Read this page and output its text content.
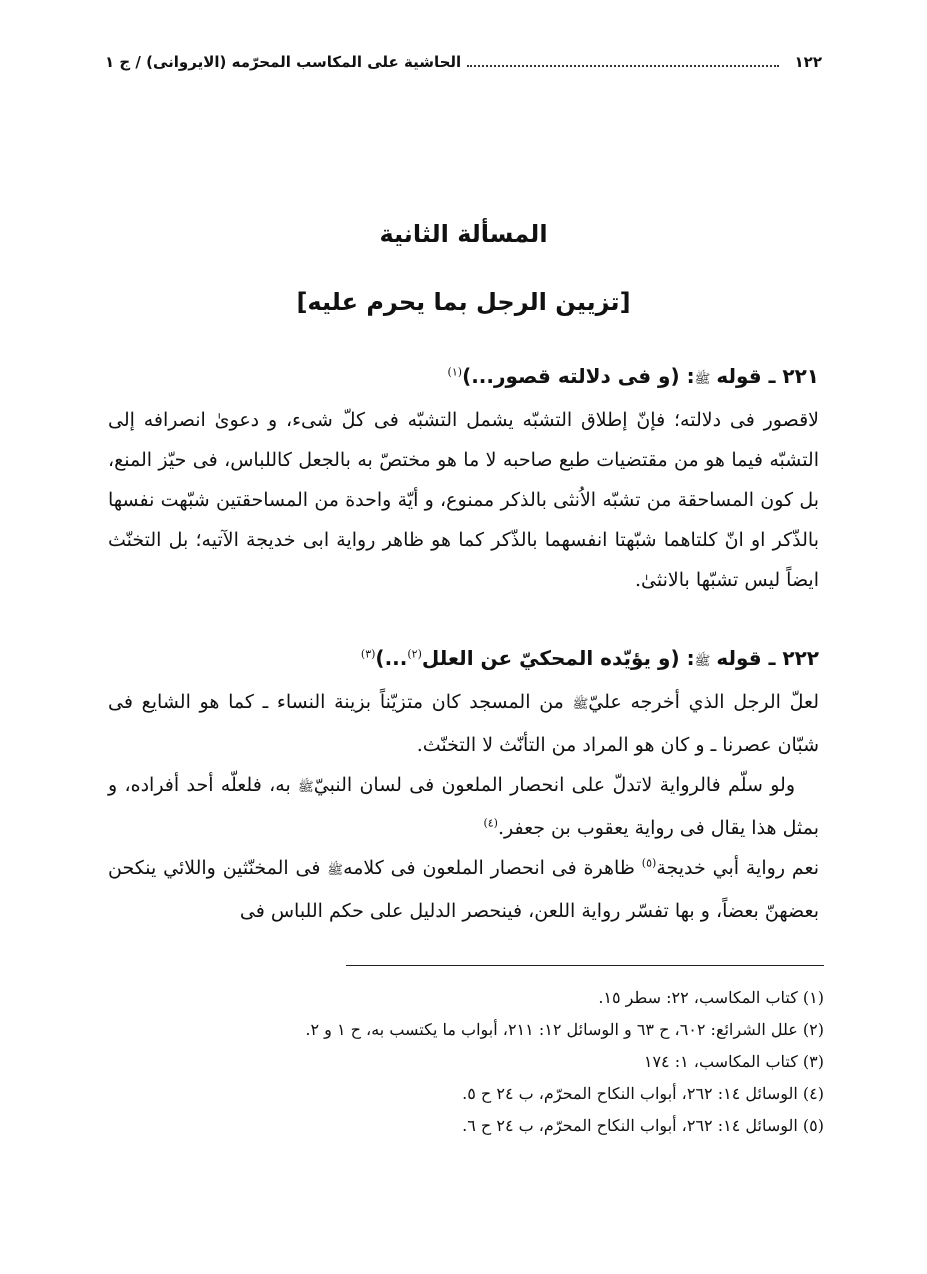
١٢٢
الحاشية على المكاسب المحرّمه (الايروانى) / ج ١
المسألة الثانية
[تزيين الرجل بما يحرم عليه]
٢٢١ ـ قوله ﷺ: (و فى دلالته قصور...)$^{(١)}$
لاقصور فى دلالته؛ فإنّ إطلاق التشبّه يشمل التشبّه فى كلّ شىء، و دعوىٰ انصرافه إلى التشبّه فيما هو من مقتضيات طبع صاحبه لا ما هو مختصّ به بالجعل كاللباس، فى حيّز المنع، بل كون المساحقة من تشبّه الاُنثى بالذكر ممنوع، و أيّة واحدة من المساحقتين شبّهت نفسها بالذّكر او انّ كلتاهما شبّهتا انفسهما بالذّكر كما هو ظاهر رواية ابى خديجة الآتيه؛ بل التخنّث ايضاً ليس تشبّها بالانثىٰ.
٢٢٢ ـ قوله ﷺ: (و يؤيّده المحكيّ عن العلل$^{(٢)}$...)$^{(٣)}$
لعلّ الرجل الذي أخرجه عليّﷺ من المسجد كان متزيّناً بزينة النساء ـ كما هو الشايع فى شبّان عصرنا ـ و كان هو المراد من التأنّث لا التخنّث.
ولو سلّم فالرواية لاتدلّ على انحصار الملعون فى لسان النبيّﷺ به، فلعلّه أحد أفراده، و بمثل هذا يقال فى رواية يعقوب بن جعفر.$^{(٤)}$
نعم رواية أبي خديجة$^{(٥)}$ ظاهرة فى انحصار الملعون فى كلامهﷺ فى المخنّثين واللائي ينكحن بعضهنّ بعضاً، و بها تفسّر رواية اللعن، فينحصر الدليل على حكم اللباس فى
(١) كتاب المكاسب، ٢٢: سطر ١٥.
(٢) علل الشرائع: ٦٠٢، ح ٦٣ و الوسائل ١٢: ٢١١، أبواب ما يكتسب به، ح ١ و ٢.
(٣) كتاب المكاسب، ١: ١٧٤
(٤) الوسائل ١٤: ٢٦٢، أبواب النكاح المحرّم، ب ٢٤ ح ٥.
(٥) الوسائل ١٤: ٢٦٢، أبواب النكاح المحرّم، ب ٢٤ ح ٦.
